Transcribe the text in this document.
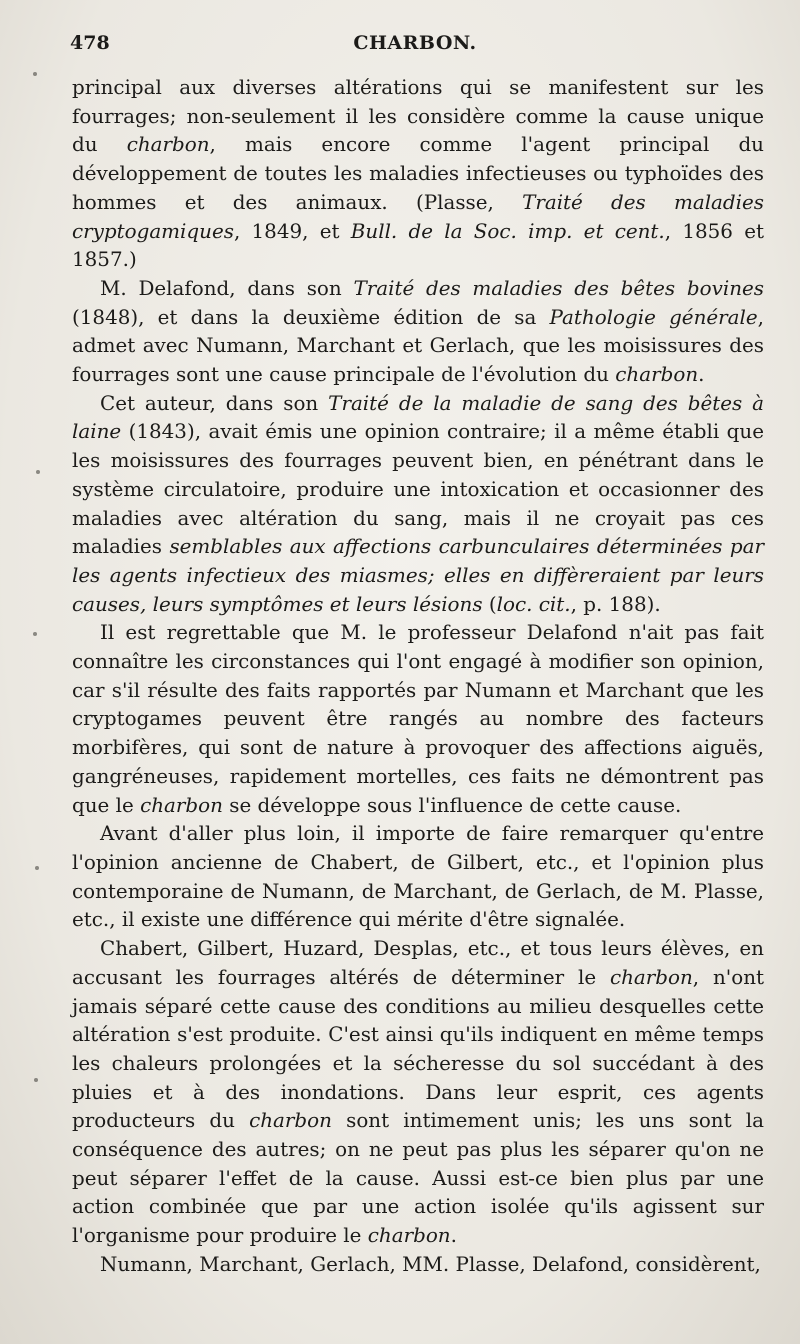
478	CHARBON.

principal aux diverses altérations qui se manifestent sur les fourrages; non-seulement il les considère comme la cause unique du charbon, mais encore comme l'agent principal du développement de toutes les maladies infectieuses ou typhoïdes des hommes et des animaux. (Plasse, Traité des maladies cryptogamiques, 1849, et Bull. de la Soc. imp. et cent., 1856 et 1857.)

M. Delafond, dans son Traité des maladies des bêtes bovines (1848), et dans la deuxième édition de sa Pathologie générale, admet avec Numann, Marchant et Gerlach, que les moisissures des fourrages sont une cause principale de l'évolution du charbon.

Cet auteur, dans son Traité de la maladie de sang des bêtes à laine (1843), avait émis une opinion contraire; il a même établi que les moisissures des fourrages peuvent bien, en pénétrant dans le système circulatoire, produire une intoxication et occasionner des maladies avec altération du sang, mais il ne croyait pas ces maladies semblables aux affections carbunculaires déterminées par les agents infectieux des miasmes; elles en diffèreraient par leurs causes, leurs symptômes et leurs lésions (loc. cit., p. 188).

Il est regrettable que M. le professeur Delafond n'ait pas fait connaître les circonstances qui l'ont engagé à modifier son opinion, car s'il résulte des faits rapportés par Numann et Marchant que les cryptogames peuvent être rangés au nombre des facteurs morbifères, qui sont de nature à provoquer des affections aiguës, gangréneuses, rapidement mortelles, ces faits ne démontrent pas que le charbon se développe sous l'influence de cette cause.

Avant d'aller plus loin, il importe de faire remarquer qu'entre l'opinion ancienne de Chabert, de Gilbert, etc., et l'opinion plus contemporaine de Numann, de Marchant, de Gerlach, de M. Plasse, etc., il existe une différence qui mérite d'être signalée.

Chabert, Gilbert, Huzard, Desplas, etc., et tous leurs élèves, en accusant les fourrages altérés de déterminer le charbon, n'ont jamais séparé cette cause des conditions au milieu desquelles cette altération s'est produite. C'est ainsi qu'ils indiquent en même temps les chaleurs prolongées et la sécheresse du sol succédant à des pluies et à des inondations. Dans leur esprit, ces agents producteurs du charbon sont intimement unis; les uns sont la conséquence des autres; on ne peut pas plus les séparer qu'on ne peut séparer l'effet de la cause. Aussi est-ce bien plus par une action combinée que par une action isolée qu'ils agissent sur l'organisme pour produire le charbon.

Numann, Marchant, Gerlach, MM. Plasse, Delafond, considèrent,
